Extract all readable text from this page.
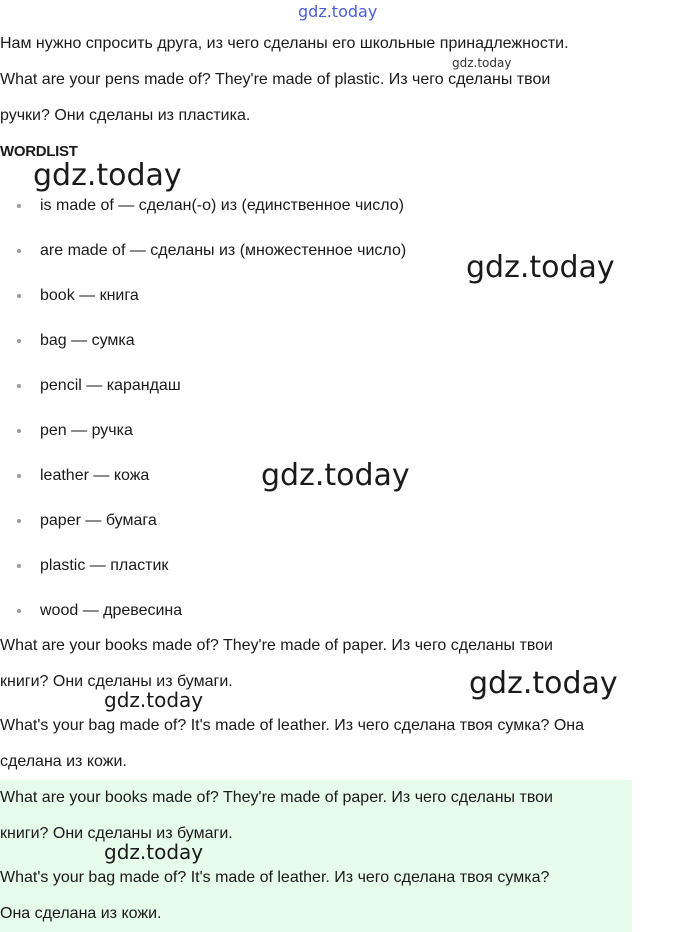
Нам нужно спросить друга, из чего сделаны его школьные принадлежности.

What are your pens made of? They're made of plastic. Из чего сделаны твои

ручки? Они сделаны из пластика.

WORDLIST
is made of — сделан(-о) из (единственное число)
are made of — сделаны из (множестенное число)
book — книга
bag — сумка
pencil — карандаш
pen — ручка
leather — кожа
paper — бумага
plastic — пластик
wood — древесина

What are your books made of? They're made of paper. Из чего сделаны твои

книги? Они сделаны из бумаги.

What's your bag made of? It's made of leather. Из чего сделана твоя сумка? Она

сделана из кожи.

What are your books made of? They're made of paper. Из чего сделаны твои

книги? Они сделаны из бумаги.

What's your bag made of? It's made of leather. Из чего сделана твоя сумка?

Она сделана из кожи.

gdz.today
gdz.today
gdz.today
gdz.today
gdz.today
gdz.today
gdz.today
gdz.today
